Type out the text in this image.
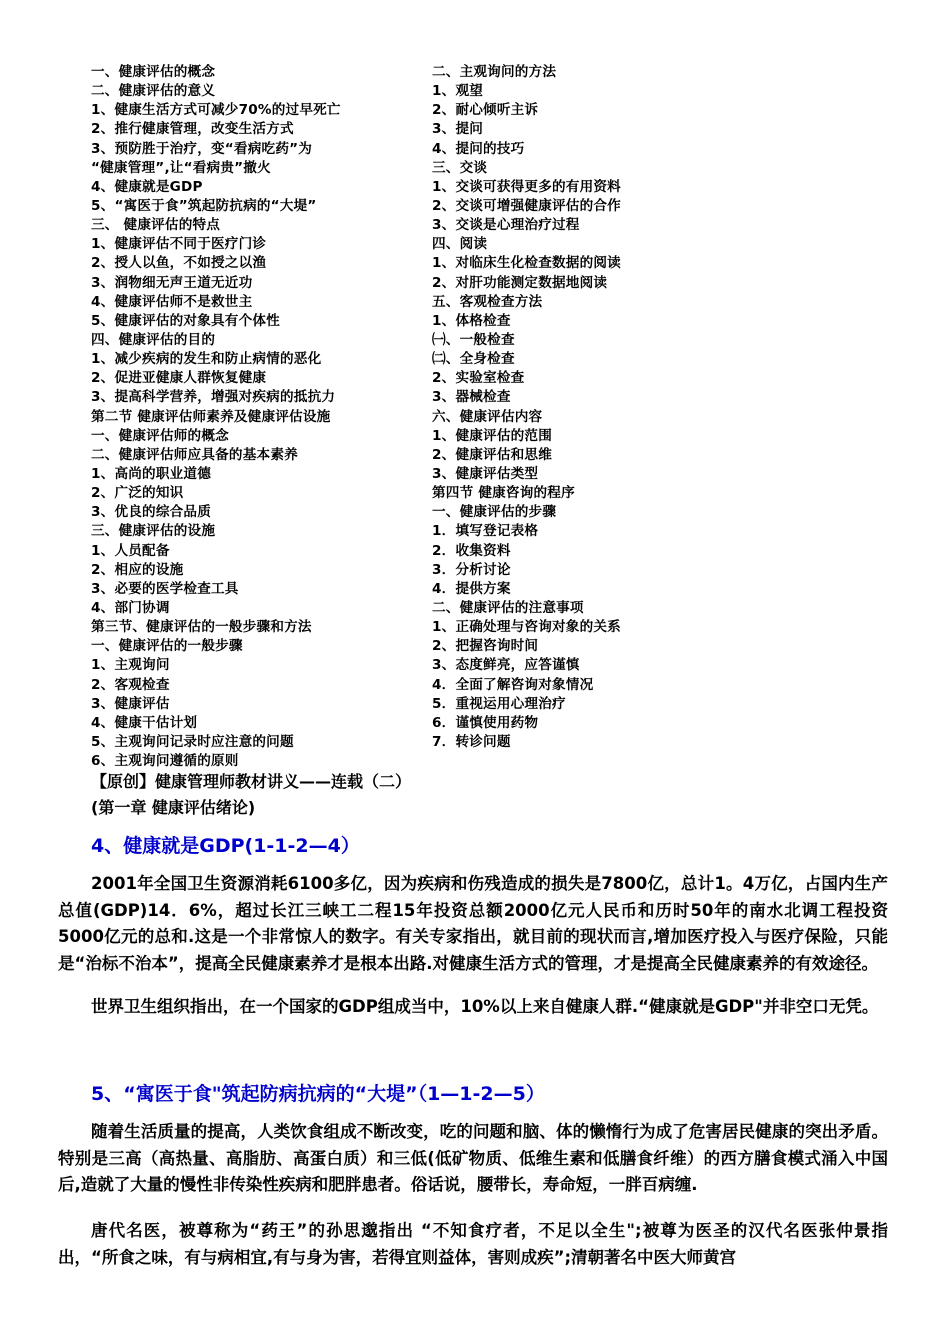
一、健康评估的概念
二、健康评估的意义
1、健康生活方式可减少70%的过早死亡
2、推行健康管理，改变生活方式
3、预防胜于治疗，变“看病吃药”为
“健康管理”,让“看病贵”撤火
4、健康就是GDP
5、“寓医于食”筑起防抗病的“大堤”
三、 健康评估的特点
1、健康评估不同于医疗门诊
2、授人以鱼，不如授之以渔
3、润物细无声王道无近功
4、健康评估师不是救世主
5、健康评估的对象具有个体性
四、健康评估的目的
1、减少疾病的发生和防止病情的恶化
2、促进亚健康人群恢复健康
3、提高科学营养，增强对疾病的抵抗力
第二节 健康评估师素养及健康评估设施
一、健康评估师的概念
二、健康评估师应具备的基本素养
1、高尚的职业道德
2、广泛的知识
3、优良的综合品质
三、健康评估的设施
1、人员配备
2、相应的设施
3、必要的医学检查工具
4、部门协调
第三节、健康评估的一般步骤和方法
一、健康评估的一般步骤
1、主观询问
2、客观检查
3、健康评估
4、健康干估计划
5、主观询问记录时应注意的问题
6、主观询问遵循的原则
二、主观询问的方法
1、观望
2、耐心倾听主诉
3、提问
4、提问的技巧
三、交谈
1、交谈可获得更多的有用资料
2、交谈可增强健康评估的合作
3、交谈是心理治疗过程
四、阅读
1、对临床生化检查数据的阅读
2、对肝功能测定数据地阅读
五、客观检查方法
1、体格检查
㈠、一般检查
㈡、全身检查
2、实验室检查
3、器械检查
六、健康评估内容
1、健康评估的范围
2、健康评估和思维
3、健康评估类型
第四节 健康咨询的程序
一、健康评估的步骤
1．填写登记表格
2．收集资料
3．分析讨论
4．提供方案
二、健康评估的注意事项
1、正确处理与咨询对象的关系
2、把握咨询时间
3、态度鲜亮，应答谨慎
4．全面了解咨询对象情况
5．重视运用心理治疗
6．谨慎使用药物
7．转诊问题
【原创】健康管理师教材讲义——连载（二）
(第一章 健康评估绪论)
4、健康就是GDP(1-1-2—4）

2001年全国卫生资源消耗6100多亿，因为疾病和伤残造成的损失是7800亿，总计1。4万亿，占国内生产总值(GDP)14．6%，超过长江三峡工二程15年投资总额2000亿元人民币和历时50年的南水北调工程投资5000亿元的总和.这是一个非常惊人的数字。有关专家指出，就目前的现状而言,增加医疗投入与医疗保险，只能是“治标不治本”，提高全民健康素养才是根本出路.对健康生活方式的管理，才是提高全民健康素养的有效途径。

世界卫生组织指出，在一个国家的GDP组成当中，10%以上来自健康人群.“健康就是GDP"并非空口无凭。

5、“寓医于食"筑起防病抗病的“大堤”（1—1-2—5）

随着生活质量的提高，人类饮食组成不断改变，吃的问题和脑、体的懒惰行为成了危害居民健康的突出矛盾。特别是三高（高热量、高脂肪、高蛋白质）和三低(低矿物质、低维生素和低膳食纤维）的西方膳食模式涌入中国后,造就了大量的慢性非传染性疾病和肥胖患者。俗话说，腰带长，寿命短，一胖百病缠.

唐代名医，被尊称为“药王”的孙思邈指出 “不知食疗者，不足以全生";被尊为医圣的汉代名医张仲景指出，“所食之味，有与病相宜,有与身为害，若得宜则益体，害则成疾”;清朝著名中医大师黄宫
